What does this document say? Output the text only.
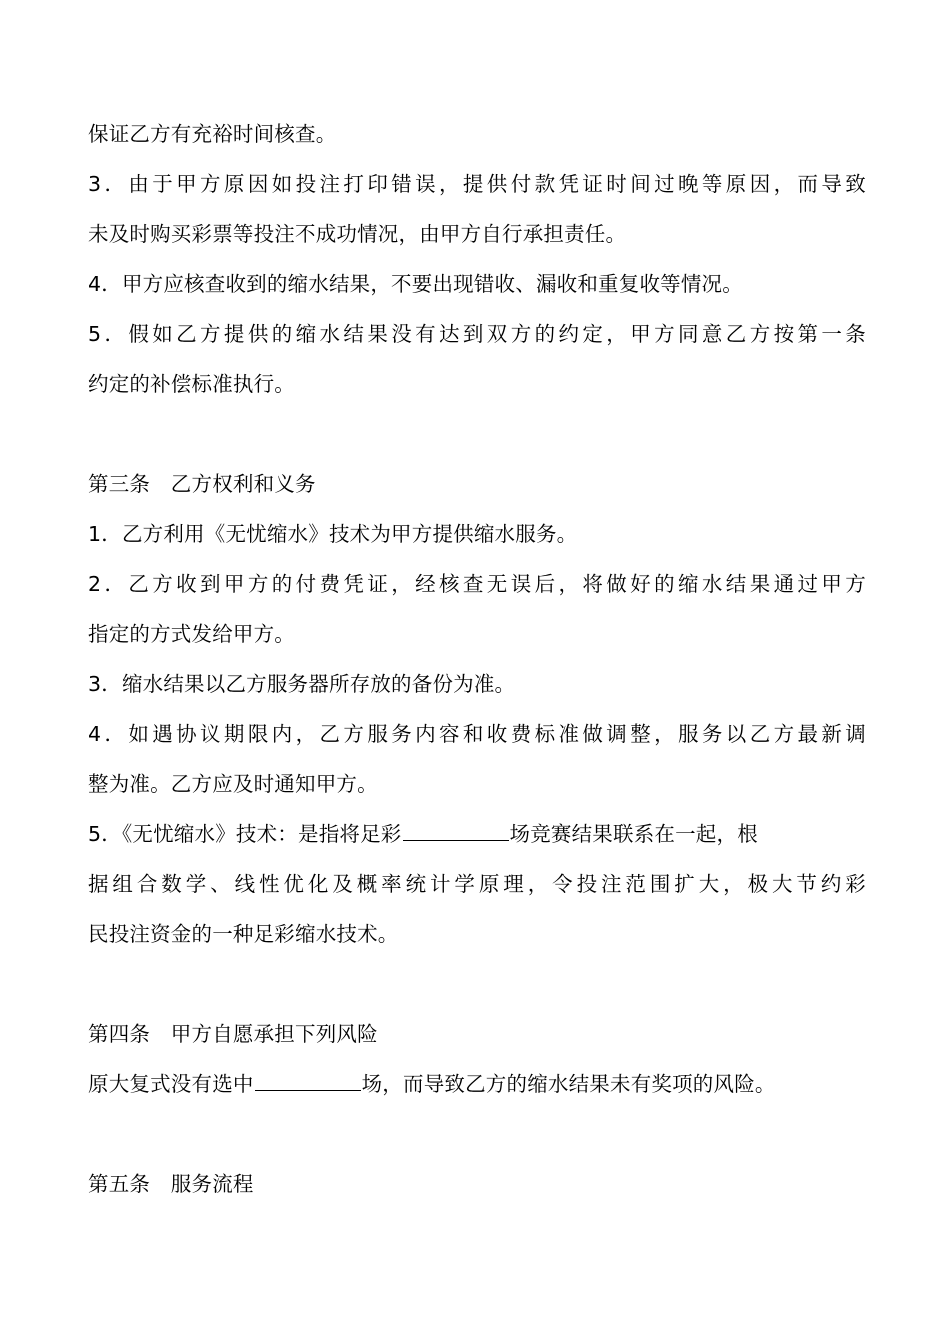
保证乙方有充裕时间核查。
3．由于甲方原因如投注打印错误，提供付款凭证时间过晚等原因，而导致
未及时购买彩票等投注不成功情况，由甲方自行承担责任。
4．甲方应核查收到的缩水结果，不要出现错收、漏收和重复收等情况。
5．假如乙方提供的缩水结果没有达到双方的约定，甲方同意乙方按第一条
约定的补偿标准执行。
第三条　乙方权利和义务
1．乙方利用《无忧缩水》技术为甲方提供缩水服务。
2．乙方收到甲方的付费凭证，经核查无误后，将做好的缩水结果通过甲方
指定的方式发给甲方。
3．缩水结果以乙方服务器所存放的备份为准。
4．如遇协议期限内，乙方服务内容和收费标准做调整，服务以乙方最新调
整为准。乙方应及时通知甲方。
5．《无忧缩水》技术：是指将足彩	场竞赛结果联系在一起，根
据组合数学、线性优化及概率统计学原理，令投注范围扩大，极大节约彩
民投注资金的一种足彩缩水技术。
第四条　甲方自愿承担下列风险
原大复式没有选中	场，而导致乙方的缩水结果未有奖项的风险。
第五条　服务流程
